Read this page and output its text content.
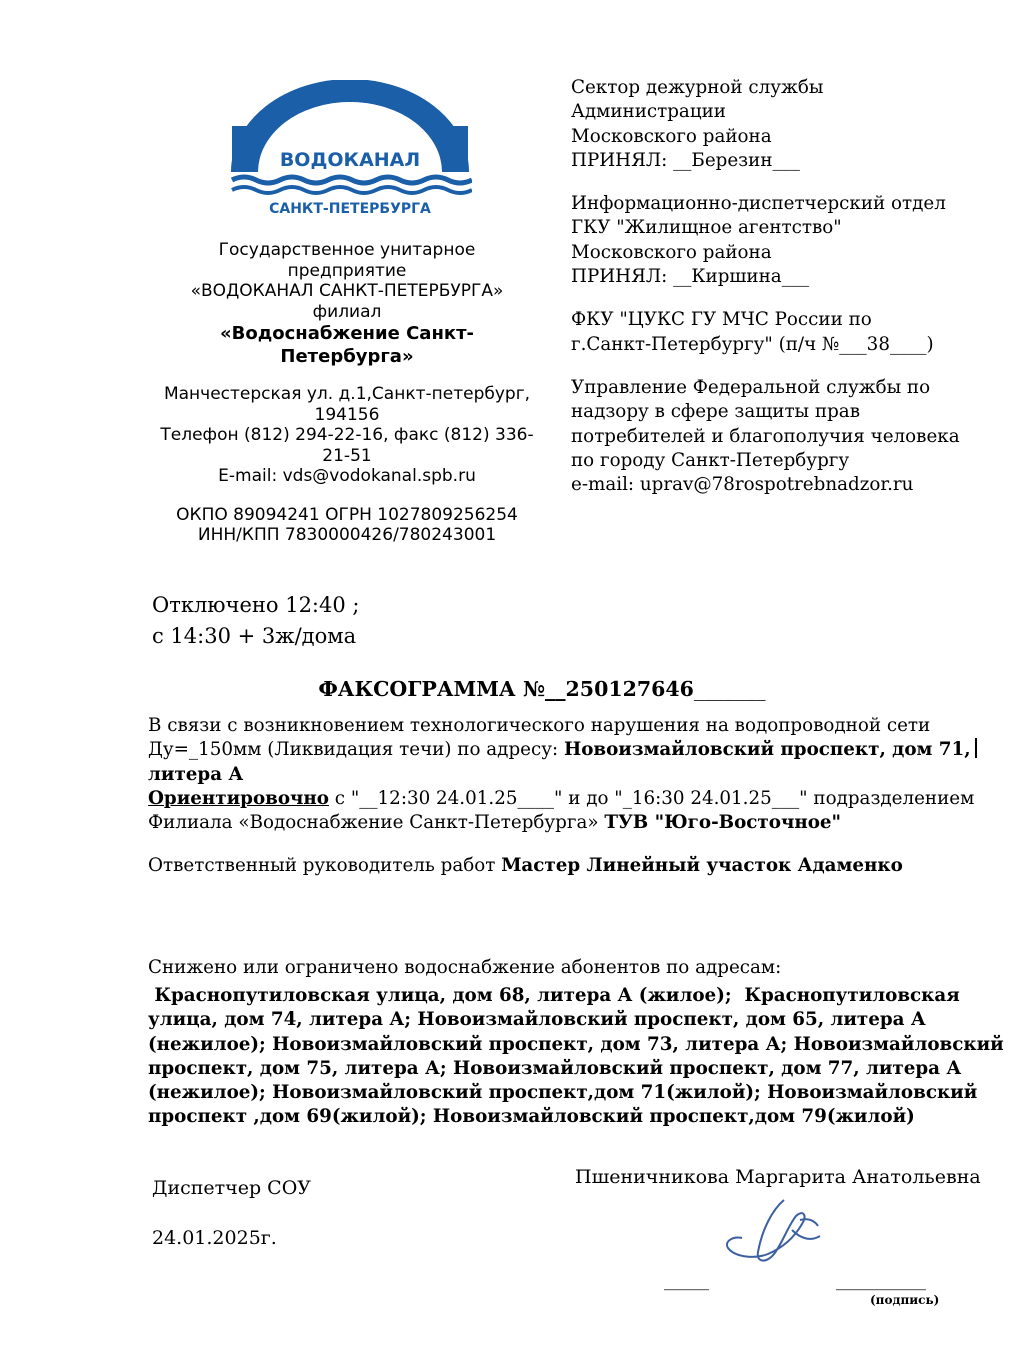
ВОДОКАНАЛ
САНКТ-ПЕТЕРБУРГА
Государственное унитарное
предприятие
«ВОДОКАНАЛ САНКТ-ПЕТЕРБУРГА»
филиал
«Водоснабжение Санкт-
Петербурга»
Манчестерская ул. д.1,Санкт-петербург,
194156
Телефон (812) 294-22-16, факс (812) 336-
21-51
E-mail: vds@vodokanal.spb.ru
ОКПО 89094241 ОГРН 1027809256254
ИНН/КПП 7830000426/780243001
Сектор дежурной службы
Администрации
Московского района
ПРИНЯЛ: __Березин___
Информационно-диспетчерский отдел
ГКУ "Жилищное агентство"
Московского района
ПРИНЯЛ: __Киршина___
ФКУ "ЦУКС ГУ МЧС России по
г.Санкт-Петербургу" (п/ч №___38____)
Управление Федеральной службы по
надзору в сфере защиты прав
потребителей и благополучия человека
по городу Санкт-Петербургу
e-mail: uprav@78rospotrebnadzor.ru
Отключено 12:40 ;
с 14:30 + 3ж/дома
ФАКСОГРАММА №__250127646_______
В связи с возникновением технологического нарушения на водопроводной сети
Ду=_150мм (Ликвидация течи) по адресу: Новоизмайловский проспект, дом 71,
литера А
Ориентировочно с "__12:30 24.01.25____" и до "_16:30 24.01.25___" подразделением
Филиала «Водоснабжение Санкт-Петербурга» ТУВ "Юго-Восточное"
Ответственный руководитель работ Мастер Линейный участок Адаменко
Снижено или ограничено водоснабжение абонентов по адресам:
Краснопутиловская улица, дом 68, литера А (жилое);  Краснопутиловская
улица, дом 74, литера А; Новоизмайловский проспект, дом 65, литера А
(нежилое); Новоизмайловский проспект, дом 73, литера А; Новоизмайловский
проспект, дом 75, литера А; Новоизмайловский проспект, дом 77, литера А
(нежилое); Новоизмайловский проспект,дом 71(жилой); Новоизмайловский
проспект ,дом 69(жилой); Новоизмайловский проспект,дом 79(жилой)
Диспетчер СОУ
24.01.2025г.
Пшеничникова Маргарита Анатольевна
_____	__________
(подпись)
